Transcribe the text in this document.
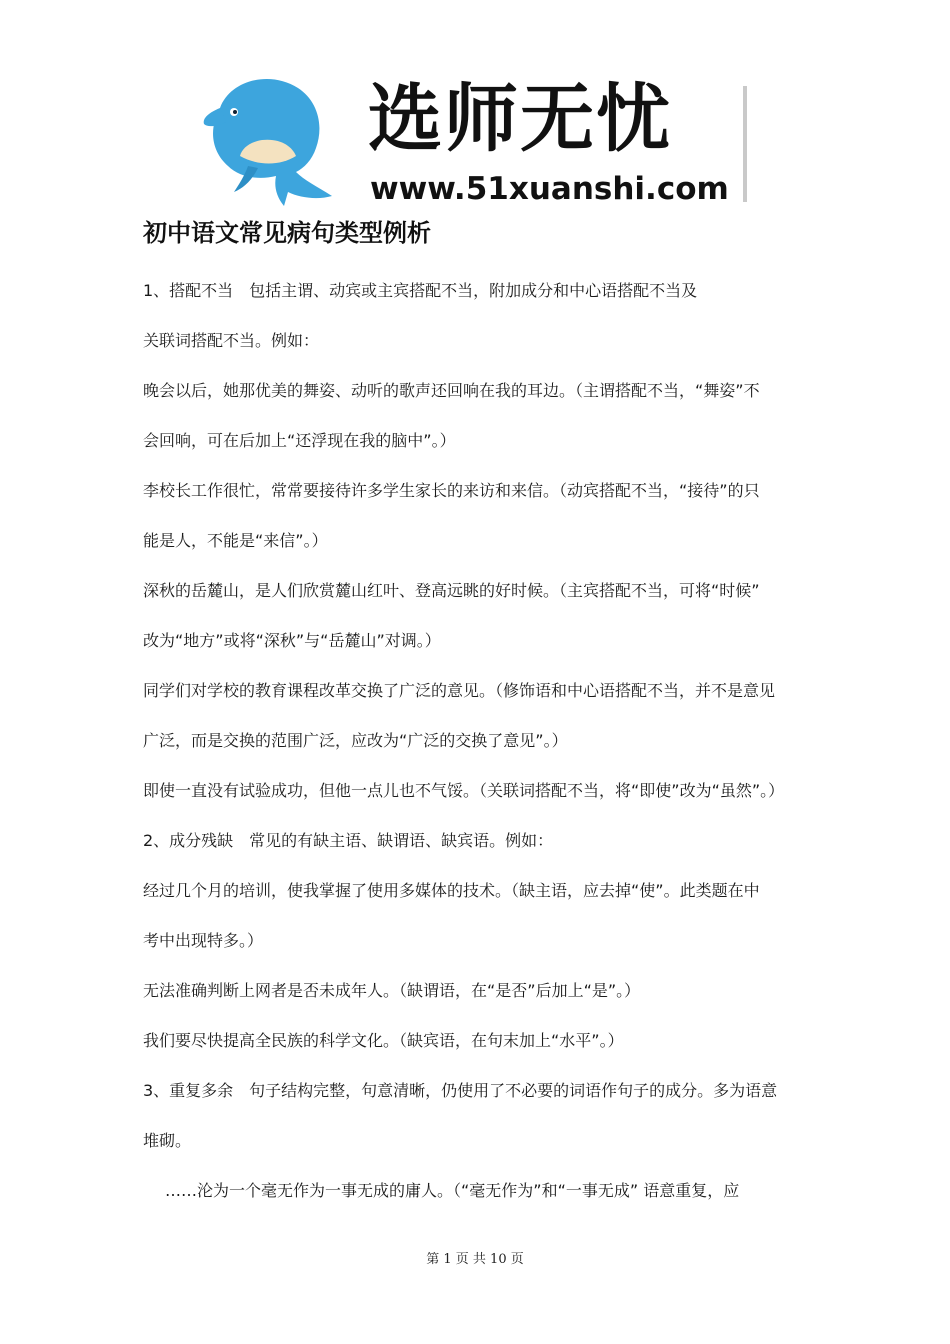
选师无忧
www.51xuanshi.com
初中语文常见病句类型例析
1、搭配不当　包括主谓、动宾或主宾搭配不当，附加成分和中心语搭配不当及
关联词搭配不当。例如：
晚会以后，她那优美的舞姿、动听的歌声还回响在我的耳边。（主谓搭配不当，“舞姿”不
会回响，可在后加上“还浮现在我的脑中”。）
李校长工作很忙，常常要接待许多学生家长的来访和来信。（动宾搭配不当，“接待”的只
能是人，不能是“来信”。）
深秋的岳麓山，是人们欣赏麓山红叶、登高远眺的好时候。（主宾搭配不当，可将“时候”
改为“地方”或将“深秋”与“岳麓山”对调。）
同学们对学校的教育课程改革交换了广泛的意见。（修饰语和中心语搭配不当，并不是意见
广泛，而是交换的范围广泛，应改为“广泛的交换了意见”。）
即使一直没有试验成功，但他一点儿也不气馁。（关联词搭配不当，将“即使”改为“虽然”。）
2、成分残缺　常见的有缺主语、缺谓语、缺宾语。例如：
经过几个月的培训，使我掌握了使用多媒体的技术。（缺主语，应去掉“使”。此类题在中
考中出现特多。）
无法准确判断上网者是否未成年人。（缺谓语，在“是否”后加上“是”。）
我们要尽快提高全民族的科学文化。（缺宾语，在句末加上“水平”。）
3、重复多余　句子结构完整，句意清晰，仍使用了不必要的词语作句子的成分。多为语意
堆砌。
……沦为一个毫无作为一事无成的庸人。（“毫无作为”和“一事无成” 语意重复，应
第 1 页 共 10 页
